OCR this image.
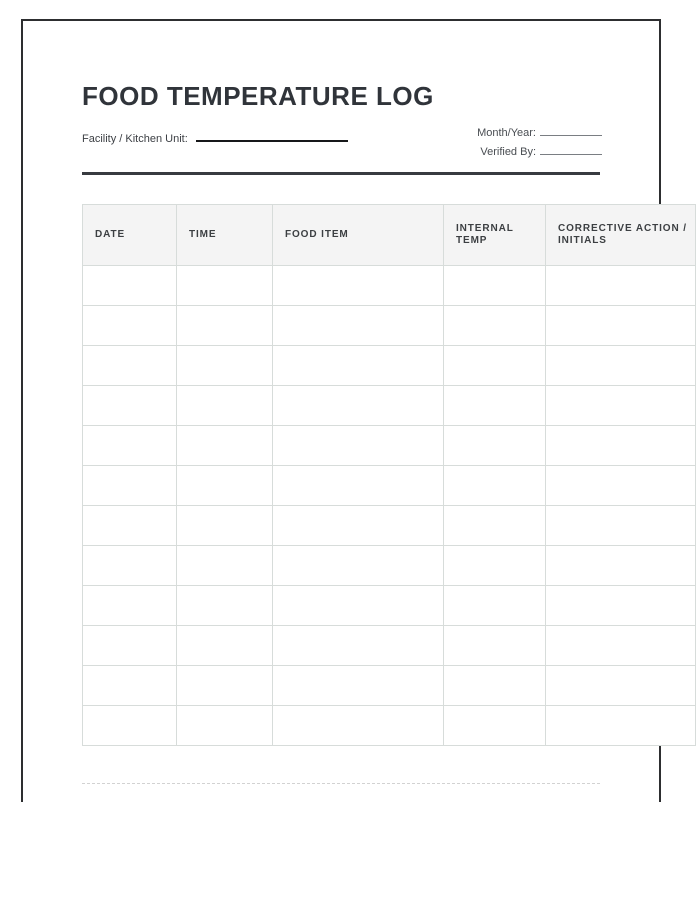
FOOD TEMPERATURE LOG
Facility / Kitchen Unit:	Month/Year:
Verified By:
DATE	TIME	FOOD ITEM	INTERNAL TEMP	CORRECTIVE ACTION / INITIALS
